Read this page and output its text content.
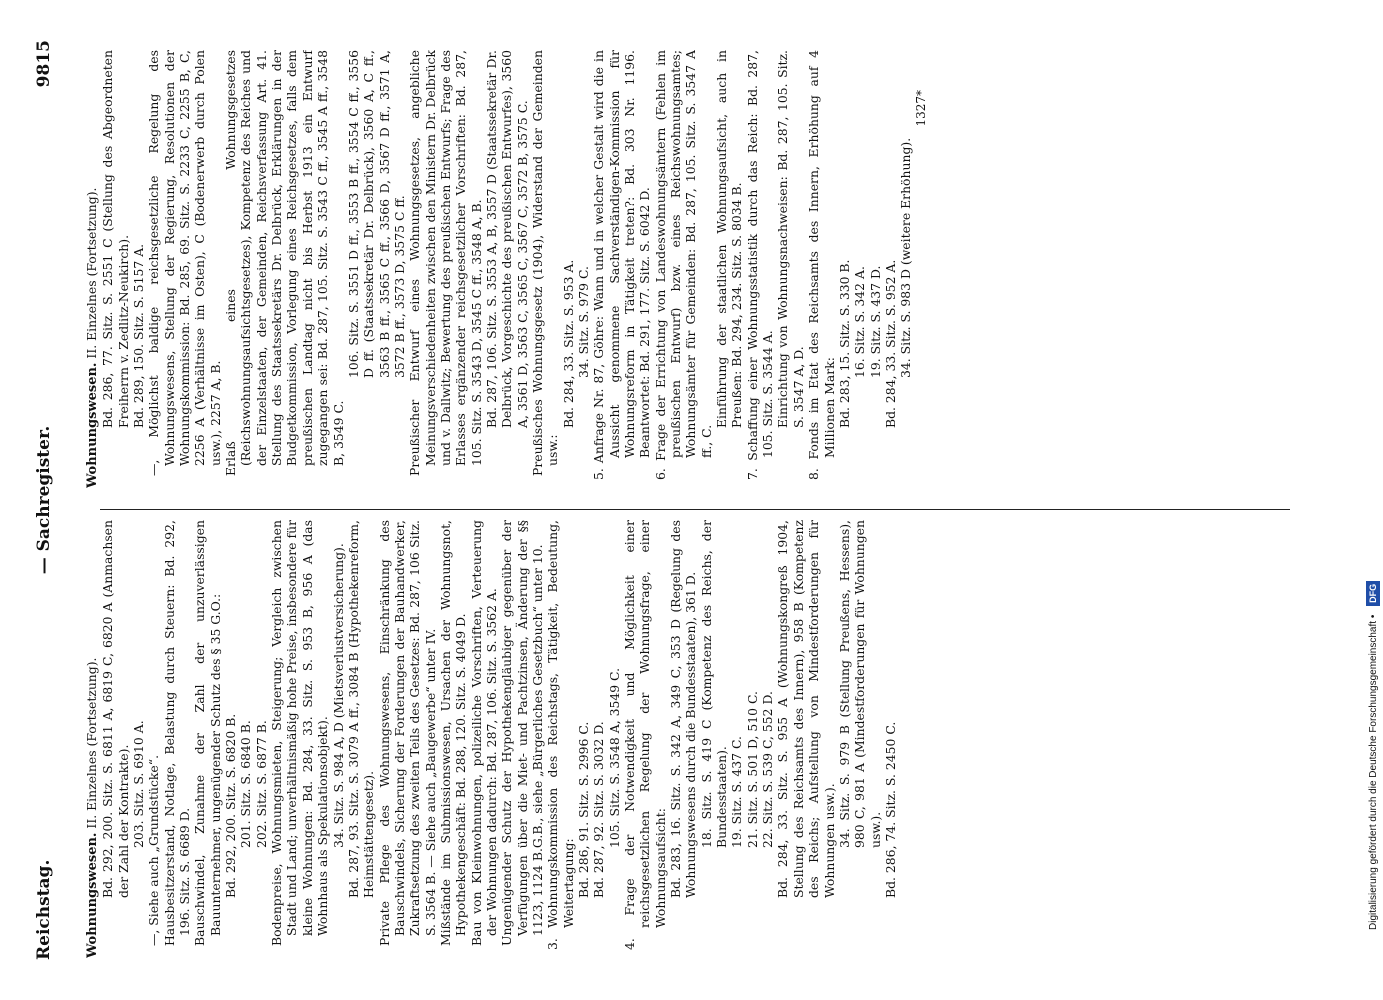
Reichstag.
— Sachregister.
9815

Wohnungswesen. II. Einzelnes (Fortsetzung). Bd. 292, 200. Sitz. S. 6811 A, 6819 C, 6820 A (Anmachsen der Zahl der Kontrakte). 203. Sitz. S. 6910 A. —, Siehe auch „Grundstücke“. Hausbesitzerstand, Notlage, Belastung durch Steuern: Bd. 292, 196. Sitz. S. 6689 D. Bauschwindel, Zunahme der Zahl der unzuverlässigen Bauunternehmer, ungenügender Schutz des § 35 G.O.: Bd. 292, 200. Sitz. S. 6820 B. 201. Sitz. S. 6840 B. 202. Sitz. S. 6877 B. Bodenpreise, Wohnungsmieten, Steigerung; Vergleich zwischen Stadt und Land; unverhältnismäßig hohe Preise, insbesondere für kleine Wohnungen: Bd. 284, 33. Sitz. S. 953 B, 956 A (das Wohnhaus als Spekulationsobjekt). 34. Sitz. S. 984 A, D (Mietsverlustversicherung). Bd. 287, 93. Sitz. S. 3079 A ff., 3084 B (Hypothekenreform, Heimstättengesetz). Private Pflege des Wohnungswesens, Einschränkung des Bauschwindels, Sicherung der Forderungen der Bauhandwerker, Zukraftsetzung des zweiten Teils des Gesetzes: Bd. 287, 106 Sitz. S. 3564 B. — Siehe auch „Baugewerbe“ unter IV. Mißstände im Submissionswesen, Ursachen der Wohnungsnot, Hypothekengeschäft: Bd. 288, 120. Sitz. S. 4049 D. Bau von Kleinwohnungen, polizeiliche Vorschriften, Verteuerung der Wohnungen dadurch: Bd. 287, 106. Sitz. S. 3562 A. Ungenügender Schutz der Hypothekengläubiger gegenüber der Verfügungen über die Miet- und Pachtzinsen, Änderung der §§ 1123, 1124 B.G.B., siehe „Bürgerliches Gesetzbuch“ unter 10. 3. Wohnungskommission des Reichstags, Tätigkeit, Bedeutung, Weitertagung: Bd. 286, 91. Sitz. S. 2996 C. Bd. 287, 92. Sitz. S. 3032 D. 105. Sitz. S. 3548 A, 3549 C. 4. Frage der Notwendigkeit und Möglichkeit einer reichsgesetzlichen Regelung der Wohnungsfrage, einer Wohnungsaufsicht: Bd. 283, 16. Sitz. S. 342 A, 349 C, 353 D (Regelung des Wohnungswesens durch die Bundesstaaten), 361 D. 18. Sitz. S. 419 C (Kompetenz des Reichs, der Bundesstaaten). 19. Sitz. S. 437 C. 21. Sitz. S. 501 D, 510 C. 22. Sitz. S. 539 C, 552 D. Bd. 284, 33. Sitz. S. 955 A (Wohnungskongreß 1904, Stellung des Reichsamts des Innern), 958 B (Kompetenz des Reichs; Aufstellung von Mindestforderungen für Wohnungen usw.). 34. Sitz. S. 979 B (Stellung Preußens, Hessens), 980 C, 981 A (Mindestforderungen für Wohnungen usw.). Bd. 286, 74. Sitz. S. 2450 C.

Wohnungswesen. II. Einzelnes (Fortsetzung). Bd. 286, 77. Sitz. S. 2551 C (Stellung des Abgeordneten Freiherrn v. Zedlitz-Neukirch). Bd. 289, 150. Sitz. S. 5157 A. —, Möglichst baldige reichsgesetzliche Regelung des Wohnungswesens, Stellung der Regierung, Resolutionen der Wohnungskommission: Bd. 285, 69. Sitz. S. 2233 C, 2255 B, C, 2256 A (Verhältnisse im Osten), C (Bodenerwerb durch Polen usw.), 2257 A, B. Erlaß eines Wohnungsgesetzes (Reichswohnungsaufsichtsgesetzes), Kompetenz des Reiches und der Einzelstaaten, der Gemeinden, Reichsverfassung Art. 41. Stellung des Staatssekretärs Dr. Delbrück, Erklärungen in der Budgetkommission, Vorlegung eines Reichsgesetzes, falls dem preußischen Landtag nicht bis Herbst 1913 ein Entwurf zugegangen sei: Bd. 287, 105. Sitz. S. 3543 C ff., 3545 A ff., 3548 B, 3549 C.

106. Sitz. S. 3551 D ff., 3553 B ff., 3554 C ff., 3556 D ff. (Staatssekretär Dr. Delbrück), 3560 A, C ff., 3563 B ff., 3565 C ff., 3566 D, 3567 D ff., 3571 A, 3572 B ff., 3573 D, 3575 C ff. Preußischer Entwurf eines Wohnungsgesetzes, angebliche Meinungsverschiedenheiten zwischen den Ministern Dr. Delbrück und v. Dallwitz; Bewertung des preußischen Entwurfs; Frage des Erlasses ergänzender reichsgesetzlicher Vorschriften: Bd. 287, 105. Sitz. S. 3543 D, 3545 C ff., 3548 A, B. Bd. 287, 106. Sitz. S. 3553 A, B, 3557 D (Staatssekretär Dr. Delbrück, Vorgeschichte des preußischen Entwurfes), 3560 A, 3561 D, 3563 C, 3565 C, 3567 C, 3572 B, 3575 C. Preußisches Wohnungsgesetz (1904), Widerstand der Gemeinden usw.:

Bd. 284, 33. Sitz. S. 953 A. 34. Sitz. S. 979 C. 5. Anfrage Nr. 87, Göhre: Wann und in welcher Gestalt wird die in Aussicht genommene Sachverständigen-Kommission für Wohnungsreform in Tätigkeit treten?: Bd. 303 Nr. 1196. Beantwortet: Bd. 291, 177. Sitz. S. 6042 D. 6. Frage der Errichtung von Landeswohnungsämtern (Fehlen im preußischen Entwurf) bzw. eines Reichswohnungsamtes; Wohnungsämter für Gemeinden: Bd. 287, 105. Sitz. S. 3547 A ff., C.

Einführung der staatlichen Wohnungsaufsicht, auch in Preußen: Bd. 294, 234. Sitz. S. 8034 B. 7. Schaffung einer Wohnungsstatistik durch das Reich: Bd. 287, 105. Sitz. S. 3544 A. Einrichtung von Wohnungsnachweisen: Bd. 287, 105. Sitz. S. 3547 A, D. 8. Fonds im Etat des Reichsamts des Innern, Erhöhung auf 4 Millionen Mark: Bd. 283, 15. Sitz. S. 330 B. 16. Sitz. S. 342 A. 19. Sitz. S. 437 D. Bd. 284, 33. Sitz. S. 952 A. 34. Sitz. S. 983 D (weitere Erhöhung).

1327*

Digitalisierung gefördert durch die Deutsche Forschungsgemeinschaft • DFG
